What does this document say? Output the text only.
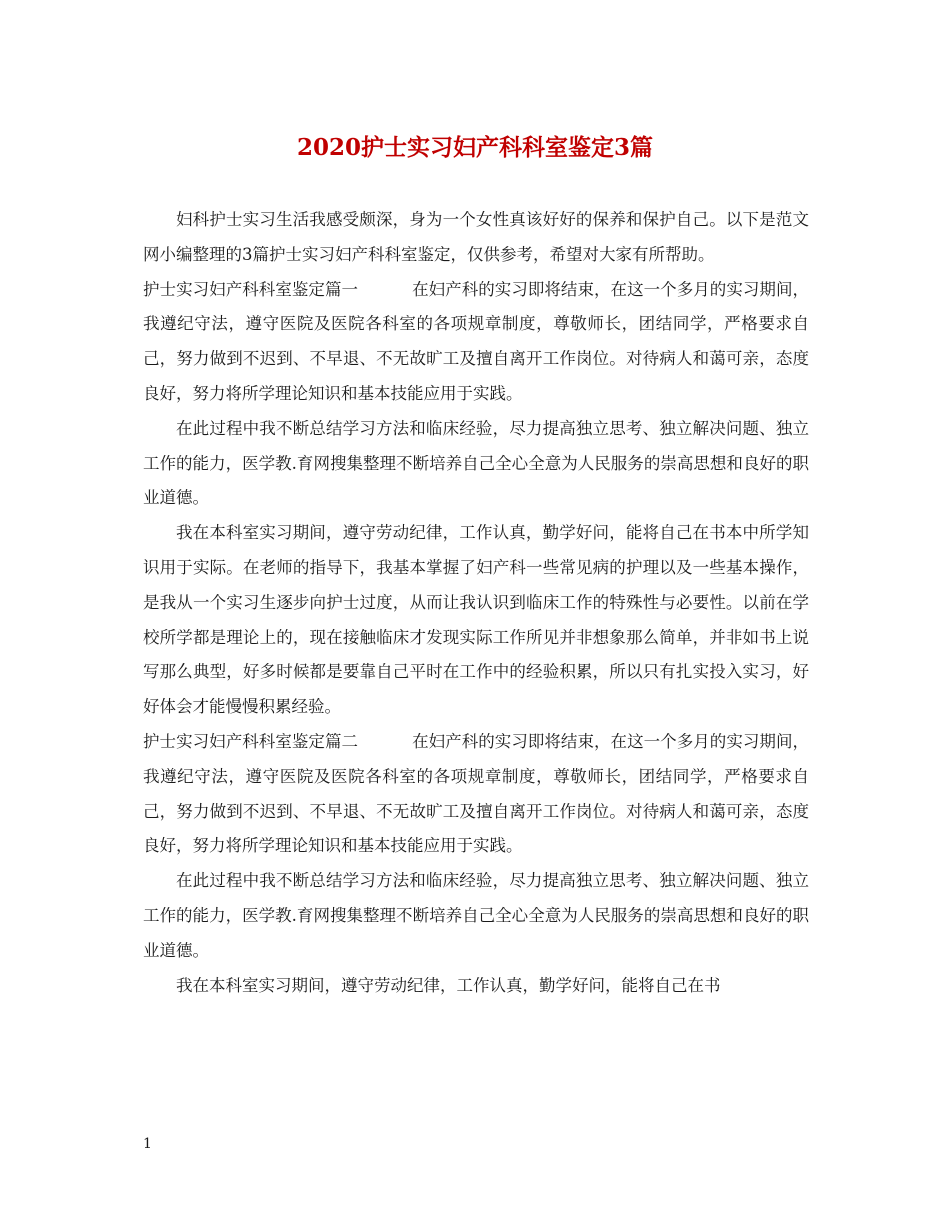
2020护士实习妇产科科室鉴定3篇

妇科护士实习生活我感受颇深，身为一个女性真该好好的保养和保护自己。以下是范文网小编整理的3篇护士实习妇产科科室鉴定，仅供参考，希望对大家有所帮助。

护士实习妇产科科室鉴定篇一	在妇产科的实习即将结束，在这一个多月的实习期间，我遵纪守法，遵守医院及医院各科室的各项规章制度，尊敬师长，团结同学，严格要求自己，努力做到不迟到、不早退、不无故旷工及擅自离开工作岗位。对待病人和蔼可亲，态度良好，努力将所学理论知识和基本技能应用于实践。

在此过程中我不断总结学习方法和临床经验，尽力提高独立思考、独立解决问题、独立工作的能力，医学教.育网搜集整理不断培养自己全心全意为人民服务的崇高思想和良好的职业道德。

我在本科室实习期间，遵守劳动纪律，工作认真，勤学好问，能将自己在书本中所学知识用于实际。在老师的指导下，我基本掌握了妇产科一些常见病的护理以及一些基本操作，是我从一个实习生逐步向护士过度，从而让我认识到临床工作的特殊性与必要性。以前在学校所学都是理论上的，现在接触临床才发现实际工作所见并非想象那么简单，并非如书上说写那么典型，好多时候都是要靠自己平时在工作中的经验积累，所以只有扎实投入实习，好好体会才能慢慢积累经验。

护士实习妇产科科室鉴定篇二	在妇产科的实习即将结束，在这一个多月的实习期间，我遵纪守法，遵守医院及医院各科室的各项规章制度，尊敬师长，团结同学，严格要求自己，努力做到不迟到、不早退、不无故旷工及擅自离开工作岗位。对待病人和蔼可亲，态度良好，努力将所学理论知识和基本技能应用于实践。

在此过程中我不断总结学习方法和临床经验，尽力提高独立思考、独立解决问题、独立工作的能力，医学教.育网搜集整理不断培养自己全心全意为人民服务的崇高思想和良好的职业道德。

我在本科室实习期间，遵守劳动纪律，工作认真，勤学好问，能将自己在书

1
